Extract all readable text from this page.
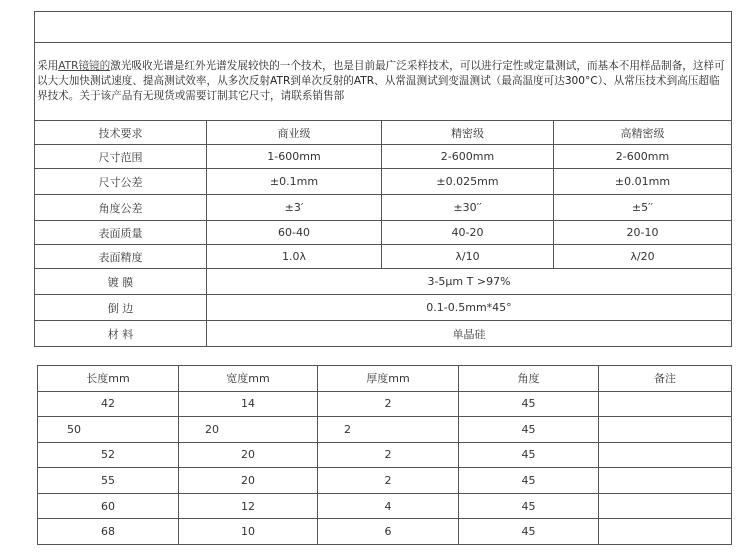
采用ATR镜镜的激光吸收光谱是红外光谱发展较快的一个技术，也是目前最广泛采样技术，可以进行定性或定量测试，而基本不用样品制备，这样可以大大加快测试速度、提高测试效率，从多次反射ATR到单次反射的ATR、从常温测试到变温测试（最高温度可达300°C）、从常压技术到高压超临界技术。关于该产品有无现货或需要订制其它尺寸，请联系销售部			
技术要求	商业级	精密级	高精密级
尺寸范围	1-600mm	2-600mm	2-600mm
尺寸公差	±0.1mm	±0.025mm	±0.01mm
角度公差	±3′	±30′′	±5′′
表面质量	60-40	40-20	20-10
表面精度	1.0λ	λ/10	λ/20
镀 膜	3-5μm T >97%		
倒 边	0.1-0.5mm*45°		
材 料	单晶硅		
长度mm	宽度mm	厚度mm	角度	备注
42	14	2	45	
50	20	2	45	
52	20	2	45	
55	20	2	45	
60	12	4	45	
68	10	6	45	
